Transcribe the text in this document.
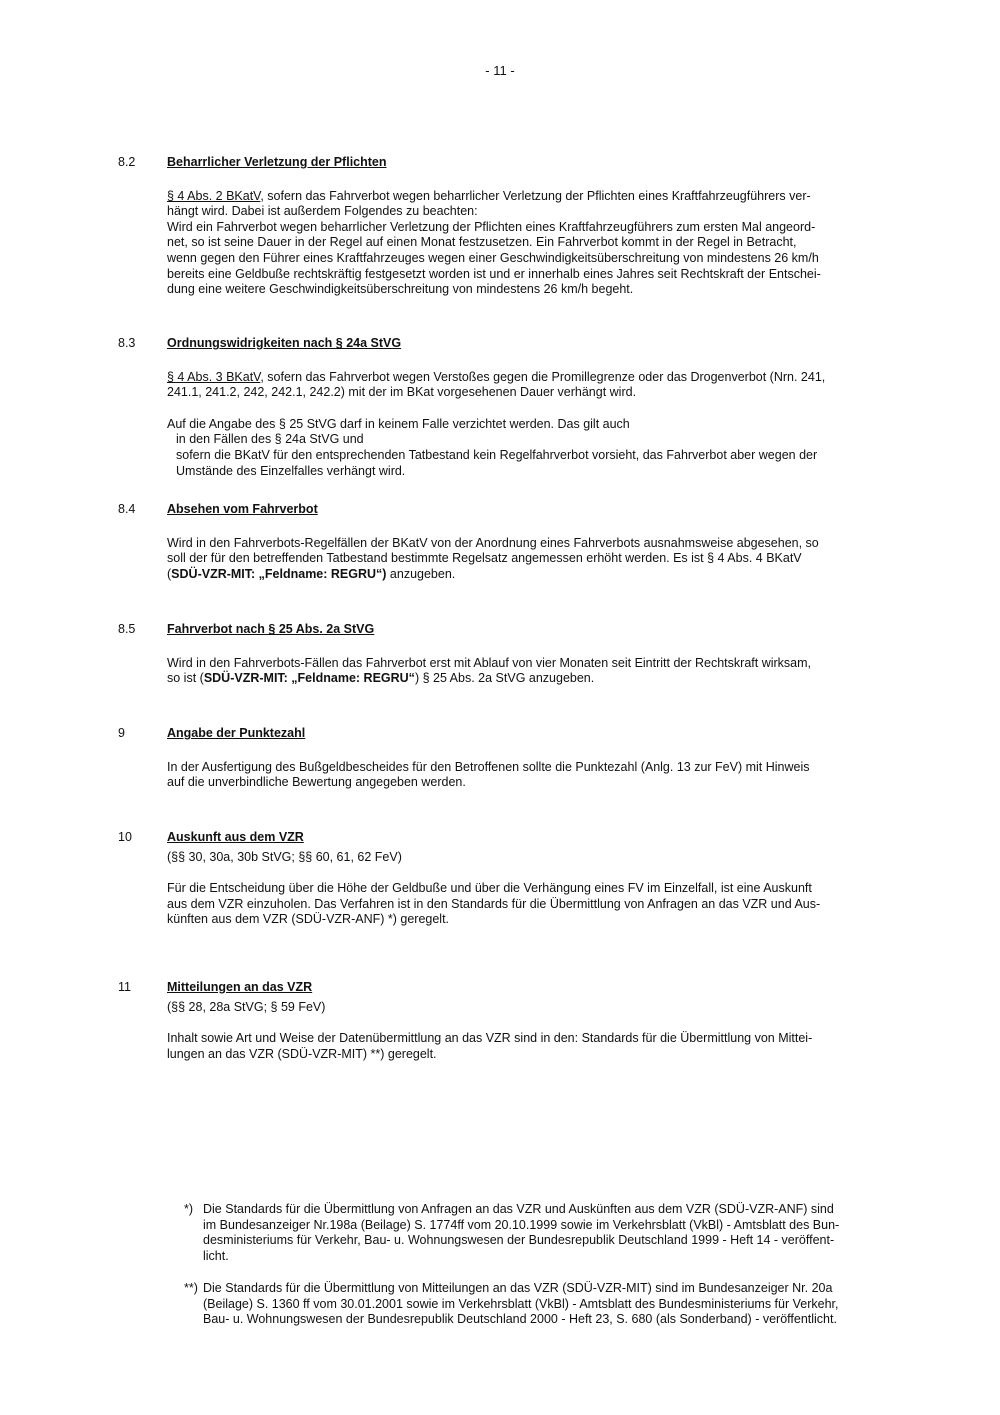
- 11 -
8.2	Beharrlicher Verletzung der Pflichten

§ 4 Abs. 2 BKatV, sofern das Fahrverbot wegen beharrlicher Verletzung der Pflichten eines Kraftfahrzeugführers ver-

hängt wird. Dabei ist außerdem Folgendes zu beachten:

Wird ein Fahrverbot wegen beharrlicher Verletzung der Pflichten eines Kraftfahrzeugführers zum ersten Mal angeord-

net, so ist seine Dauer in der Regel auf einen Monat festzusetzen. Ein Fahrverbot kommt in der Regel in Betracht,

wenn gegen den Führer eines Kraftfahrzeuges wegen einer Geschwindigkeitsüberschreitung von mindestens 26 km/h

bereits eine Geldbuße rechtskräftig festgesetzt worden ist und er innerhalb eines Jahres seit Rechtskraft der Entschei-

dung eine weitere Geschwindigkeitsüberschreitung von mindestens 26 km/h begeht.

8.3	Ordnungswidrigkeiten nach § 24a StVG

§ 4 Abs. 3 BKatV, sofern das Fahrverbot wegen Verstoßes gegen die Promillegrenze oder das Drogenverbot (Nrn. 241,

241.1, 241.2, 242, 242.1, 242.2) mit der im BKat vorgesehenen Dauer verhängt wird.

Auf die Angabe des § 25 StVG darf in keinem Falle verzichtet werden. Das gilt auch

in den Fällen des § 24a StVG und

sofern die BKatV für den entsprechenden Tatbestand kein Regelfahrverbot vorsieht, das Fahrverbot aber wegen der

Umstände des Einzelfalles verhängt wird.

8.4	Absehen vom Fahrverbot

Wird in den Fahrverbots-Regelfällen der BKatV von der Anordnung eines Fahrverbots ausnahmsweise abgesehen, so

soll der für den betreffenden Tatbestand bestimmte Regelsatz angemessen erhöht werden. Es ist § 4 Abs. 4 BKatV

(SDÜ-VZR-MIT: „Feldname: REGRU“) anzugeben.

8.5	Fahrverbot nach § 25 Abs. 2a StVG

Wird in den Fahrverbots-Fällen das Fahrverbot erst mit Ablauf von vier Monaten seit Eintritt der Rechtskraft wirksam,

so ist (SDÜ-VZR-MIT: „Feldname: REGRU“) § 25 Abs. 2a StVG anzugeben.

9	Angabe der Punktezahl

In der Ausfertigung des Bußgeldbescheides für den Betroffenen sollte die Punktezahl (Anlg. 13 zur FeV) mit Hinweis

auf die unverbindliche Bewertung angegeben werden.

10	Auskunft aus dem VZR

(§§ 30, 30a, 30b StVG; §§ 60, 61, 62 FeV)

Für die Entscheidung über die Höhe der Geldbuße und über die Verhängung eines FV im Einzelfall, ist eine Auskunft

aus dem VZR einzuholen. Das Verfahren ist in den Standards für die Übermittlung von Anfragen an das VZR und Aus-

künften aus dem VZR (SDÜ-VZR-ANF) *) geregelt.

11	Mitteilungen an das VZR

(§§ 28, 28a StVG; § 59 FeV)

Inhalt sowie Art und Weise der Datenübermittlung an das VZR sind in den: Standards für die Übermittlung von Mittei-

lungen an das VZR (SDÜ-VZR-MIT) **) geregelt.

*) Die Standards für die Übermittlung von Anfragen an das VZR und Auskünften aus dem VZR (SDÜ-VZR-ANF) sind

im Bundesanzeiger Nr.198a (Beilage) S. 1774ff vom 20.10.1999 sowie im Verkehrsblatt (VkBl) - Amtsblatt des Bun-

desministeriums für Verkehr, Bau- u. Wohnungswesen der Bundesrepublik Deutschland 1999 - Heft 14 - veröffent-

licht.

**) Die Standards für die Übermittlung von Mitteilungen an das VZR (SDÜ-VZR-MIT) sind im Bundesanzeiger Nr. 20a

(Beilage) S. 1360 ff vom 30.01.2001 sowie im Verkehrsblatt (VkBl) - Amtsblatt des Bundesministeriums für Verkehr,

Bau- u. Wohnungswesen der Bundesrepublik Deutschland 2000 - Heft 23, S. 680 (als Sonderband) - veröffentlicht.
